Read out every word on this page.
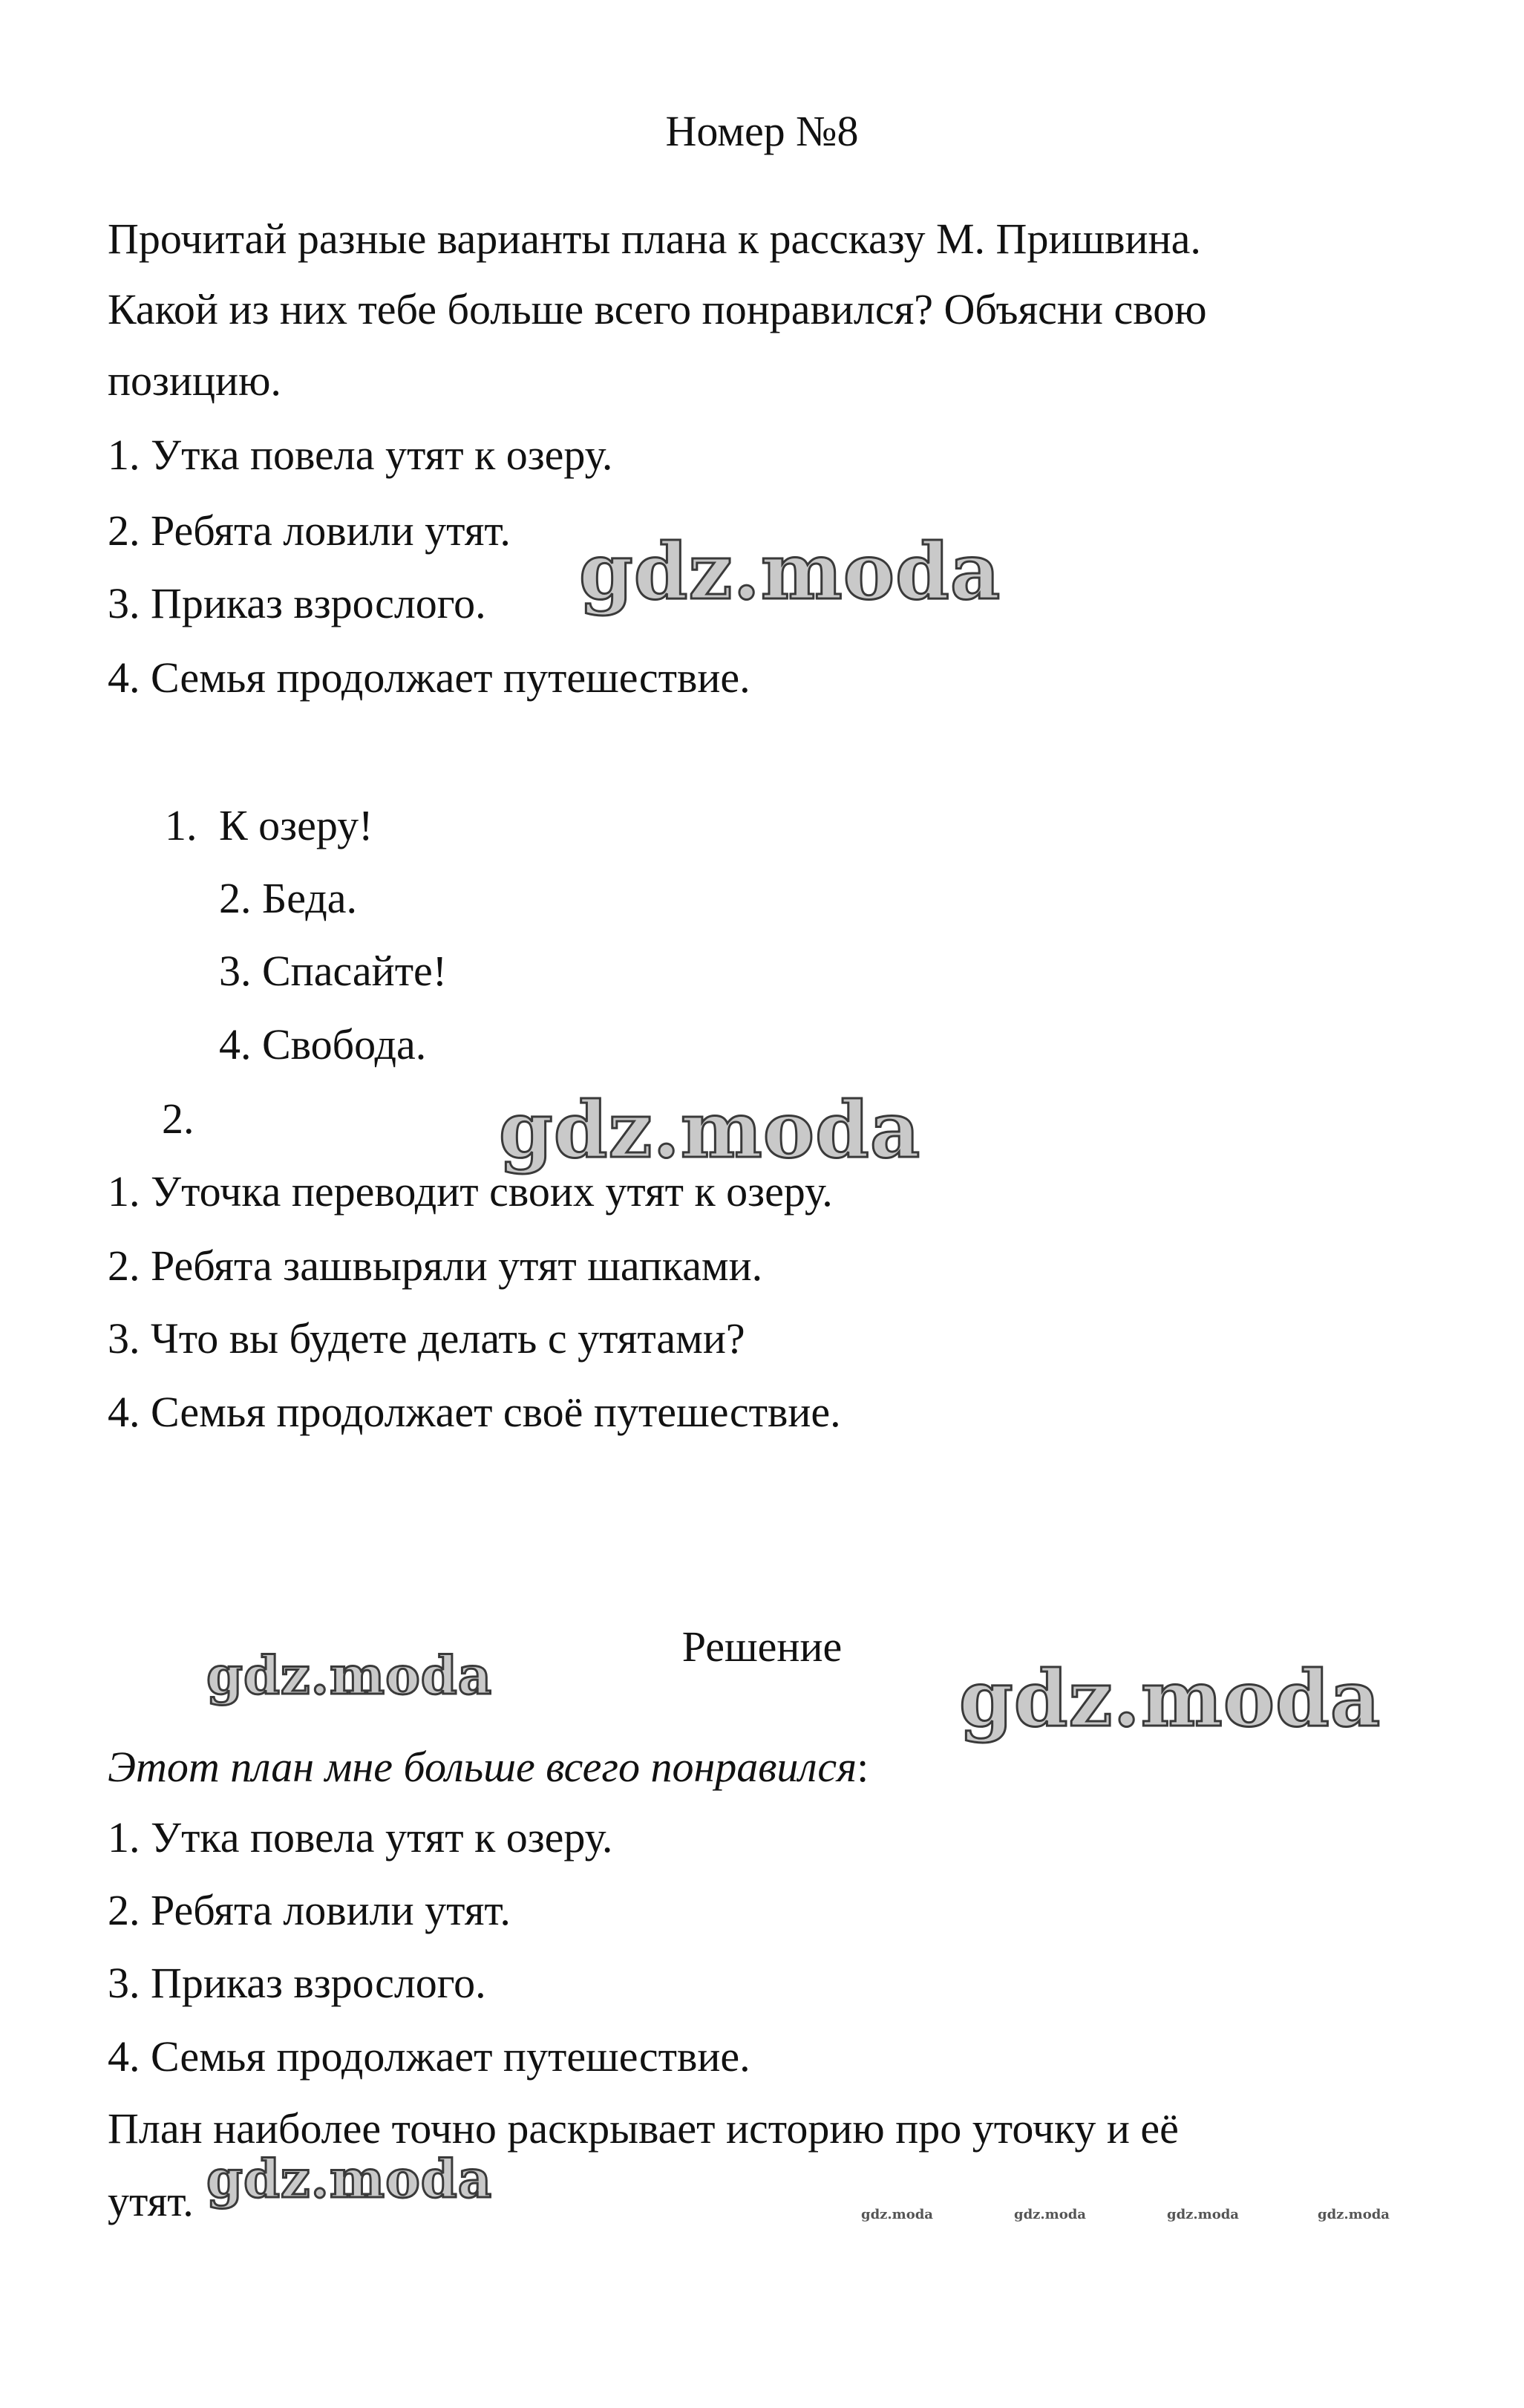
Номер №8
Прочитай разные варианты плана к рассказу М. Пришвина.
Какой из них тебе больше всего понравился? Объясни свою
позицию.
1. Утка повела утят к озеру.
2. Ребята ловили утят.
3. Приказ взрослого.
4. Семья продолжает путешествие.
1. К озеру!
2. Беда.
3. Спасайте!
4. Свобода.
2.
1. Уточка переводит своих утят к озеру.
2. Ребята зашвыряли утят шапками.
3. Что вы будете делать с утятами?
4. Семья продолжает своё путешествие.
Решение
Этот план мне больше всего понравился:
1. Утка повела утят к озеру.
2. Ребята ловили утят.
3. Приказ взрослого.
4. Семья продолжает путешествие.
План наиболее точно раскрывает историю про уточку и её
утят.
gdz.moda
gdz.moda
gdz.moda	gdz.moda
gdz.moda
gdz.moda	gdz.moda	gdz.moda	gdz.moda
